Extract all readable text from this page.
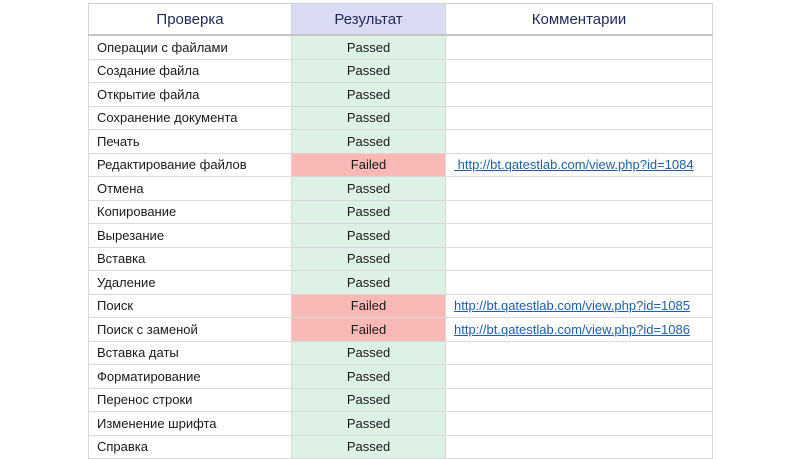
Проверка	Результат	Комментарии
Операции с файлами	Passed	
Создание файла	Passed	
Открытие файла	Passed	
Сохранение документа	Passed	
Печать	Passed	
Редактирование файлов	Failed	http://bt.qatestlab.com/view.php?id=1084
Отмена	Passed	
Копирование	Passed	
Вырезание	Passed	
Вставка	Passed	
Удаление	Passed	
Поиск	Failed	http://bt.qatestlab.com/view.php?id=1085
Поиск с заменой	Failed	http://bt.qatestlab.com/view.php?id=1086
Вставка даты	Passed	
Форматирование	Passed	
Перенос строки	Passed	
Изменение шрифта	Passed	
Справка	Passed	
